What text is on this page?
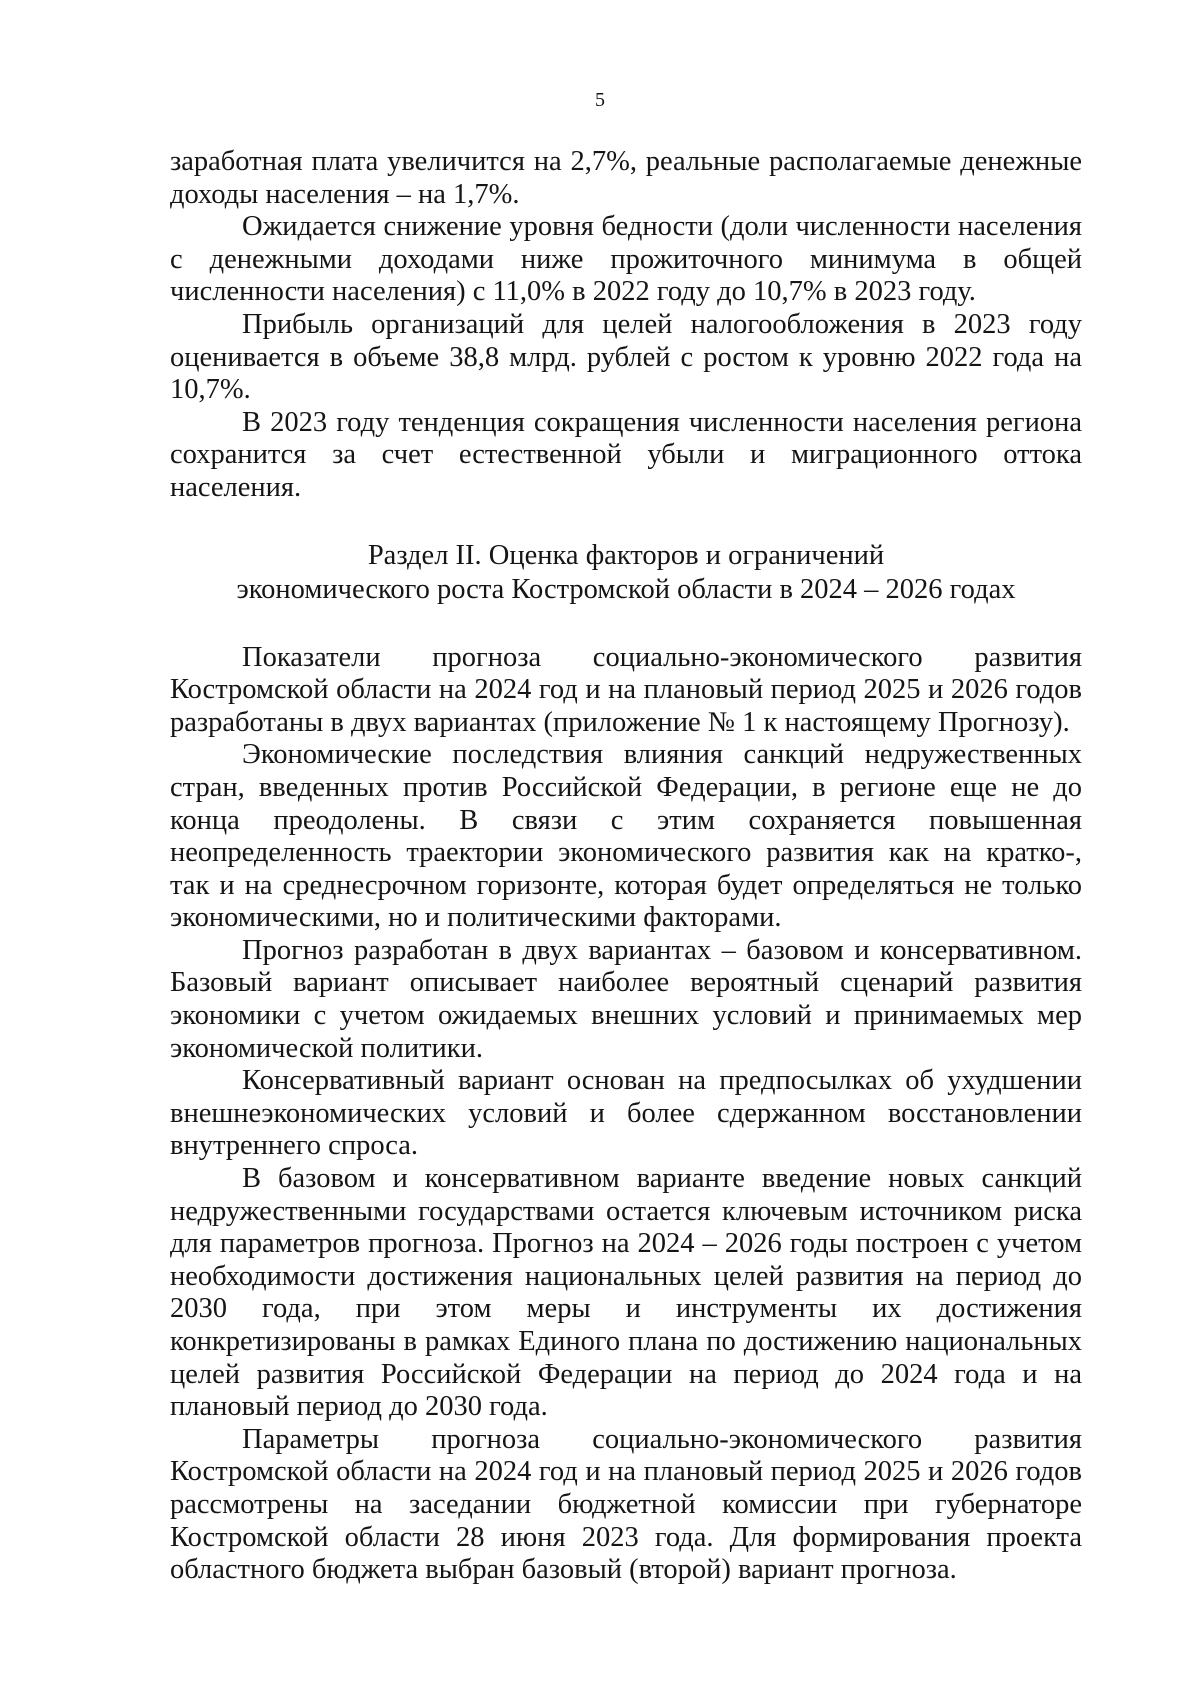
5

заработная плата увеличится на 2,7%, реальные располагаемые денежные доходы населения – на 1,7%.

Ожидается снижение уровня бедности (доли численности населения с денежными доходами ниже прожиточного минимума в общей численности населения) с 11,0% в 2022 году до 10,7% в 2023 году.

Прибыль организаций для целей налогообложения в 2023 году оценивается в объеме 38,8 млрд. рублей с ростом к уровню 2022 года на 10,7%.

В 2023 году тенденция сокращения численности населения региона сохранится за счет естественной убыли и миграционного оттока населения.

Раздел II. Оценка факторов и ограничений
экономического роста Костромской области в 2024 – 2026 годах

Показатели прогноза социально-экономического развития Костромской области на 2024 год и на плановый период 2025 и 2026 годов разработаны в двух вариантах (приложение № 1 к настоящему Прогнозу).

Экономические последствия влияния санкций недружественных стран, введенных против Российской Федерации, в регионе еще не до конца преодолены. В связи с этим сохраняется повышенная неопределенность траектории экономического развития как на кратко-, так и на среднесрочном горизонте, которая будет определяться не только экономическими, но и политическими факторами.

Прогноз разработан в двух вариантах – базовом и консервативном. Базовый вариант описывает наиболее вероятный сценарий развития экономики с учетом ожидаемых внешних условий и принимаемых мер экономической политики.

Консервативный вариант основан на предпосылках об ухудшении внешнеэкономических условий и более сдержанном восстановлении внутреннего спроса.

В базовом и консервативном варианте введение новых санкций недружественными государствами остается ключевым источником риска для параметров прогноза. Прогноз на 2024 – 2026 годы построен с учетом необходимости достижения национальных целей развития на период до 2030 года, при этом меры и инструменты их достижения конкретизированы в рамках Единого плана по достижению национальных целей развития Российской Федерации на период до 2024 года и на плановый период до 2030 года.

Параметры прогноза социально-экономического развития Костромской области на 2024 год и на плановый период 2025 и 2026 годов рассмотрены на заседании бюджетной комиссии при губернаторе Костромской области 28 июня 2023 года. Для формирования проекта областного бюджета выбран базовый (второй) вариант прогноза.
